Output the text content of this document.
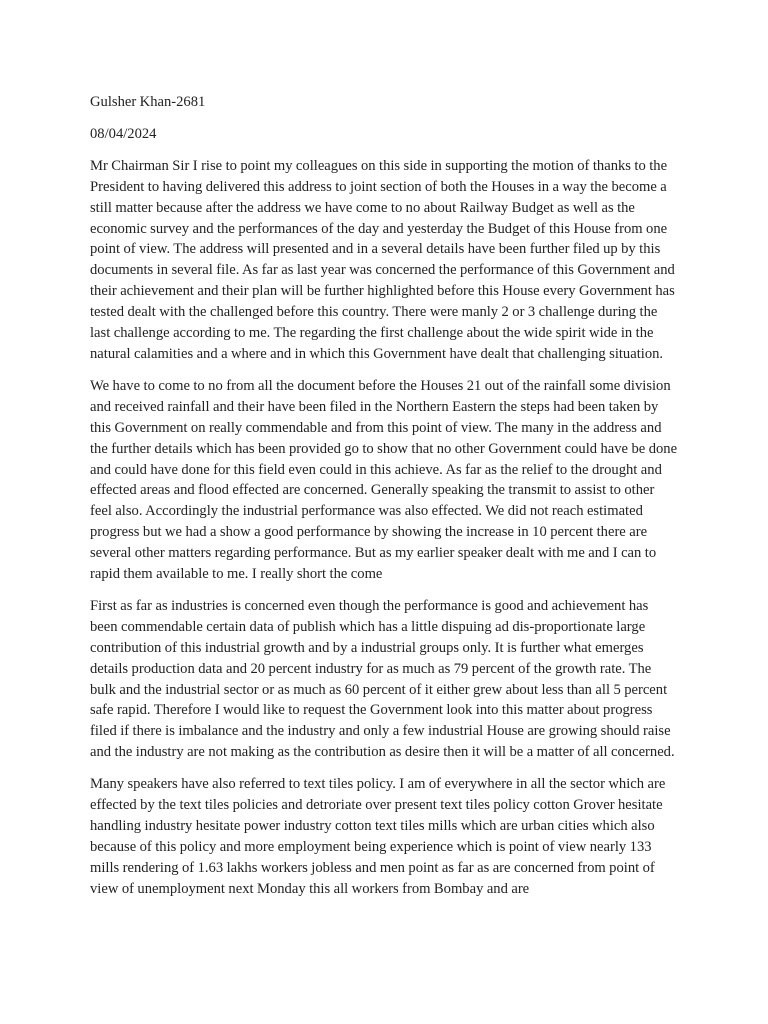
Gulsher Khan-2681
08/04/2024

Mr Chairman Sir I rise to point my colleagues on this side in supporting the motion of thanks to the President to having delivered this address to joint section of both the Houses in a way the become a still matter because after the address we have come to no about Railway Budget as well as the economic survey and the performances of the day and yesterday the Budget of this House from one point of view. The address will presented and in a several details have been further filed up by this documents in several file. As far as last year was concerned the performance of this Government and their achievement and their plan will be further highlighted before this House every Government has tested dealt with the challenged before this country. There were manly 2 or 3 challenge during the last challenge according to me. The regarding the first challenge about the wide spirit wide in the natural calamities and a where and in which this Government have dealt that challenging situation.

We have to come to no from all the document before the Houses 21 out of the rainfall some division and received rainfall and their have been filed in the Northern Eastern the steps had been taken by this Government on really commendable and from this point of view. The many in the address and the further details which has been provided go to show that no other Government could have be done and could have done for this field even could in this achieve. As far as the relief to the drought and effected areas and flood effected are concerned. Generally speaking the transmit to assist to other feel also. Accordingly the industrial performance was also effected. We did not reach estimated progress but we had a show a good performance by showing the increase in 10 percent there are several other matters regarding performance. But as my earlier speaker dealt with me and I can to rapid them available to me. I really short the come

First as far as industries is concerned even though the performance is good and achievement has been commendable certain data of publish which has a little dispuing ad dis-proportionate large contribution of this industrial growth and by a industrial groups only. It is further what emerges details production data and 20 percent industry for as much as 79 percent of the growth rate. The bulk and the industrial sector or as much as 60 percent of it either grew about less than all 5 percent safe rapid. Therefore I would like to request the Government look into this matter about progress filed if there is imbalance and the industry and only a few industrial House are growing should raise and the industry are not making as the contribution as desire then it will be a matter of all concerned.

Many speakers have also referred to text tiles policy. I am of everywhere in all the sector which are effected by the text tiles policies and detroriate over present text tiles policy cotton Grover hesitate handling industry hesitate power industry cotton text tiles mills which are urban cities which also because of this policy and more employment being experience which is point of view nearly 133 mills rendering of 1.63 lakhs workers jobless and men point as far as are concerned from point of view of unemployment next Monday this all workers from Bombay and are
